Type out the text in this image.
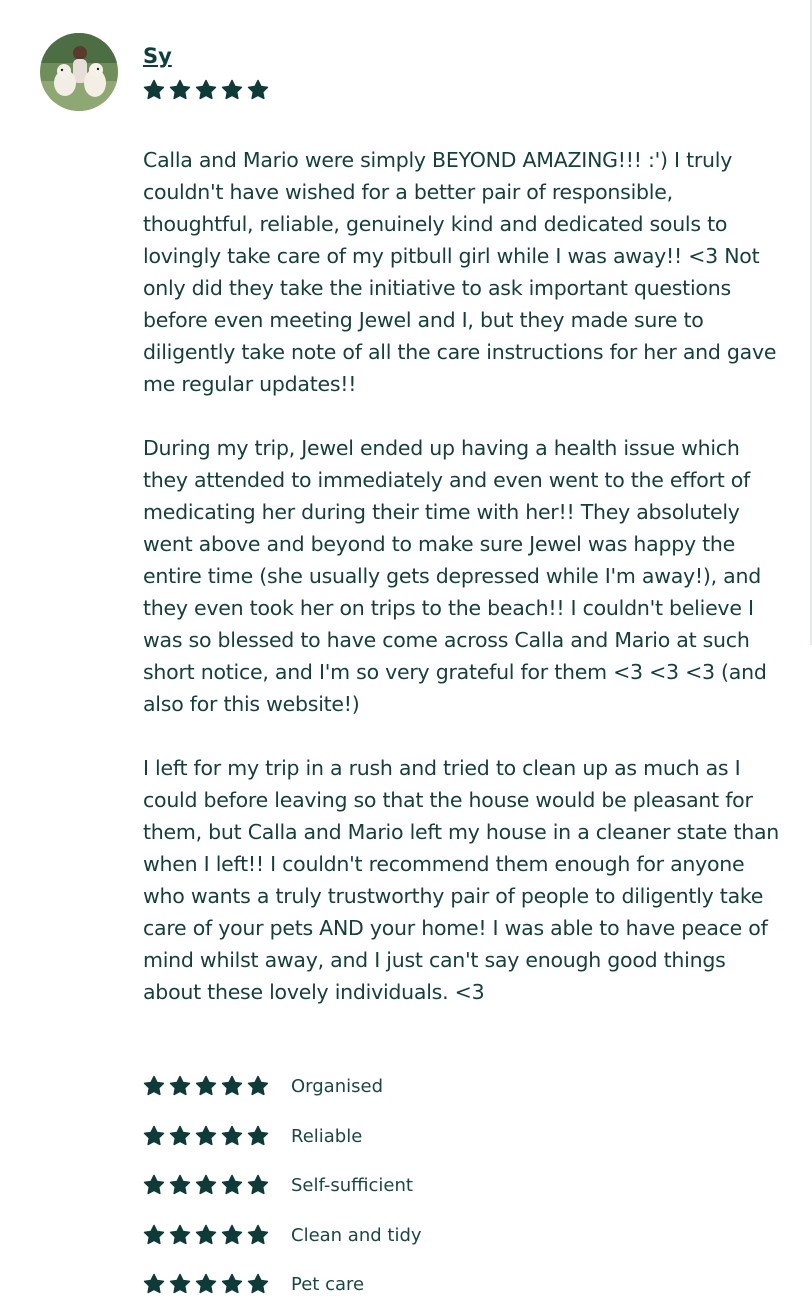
Sy

Calla and Mario were simply BEYOND AMAZING!!! :') I truly couldn't have wished for a better pair of responsible, thoughtful, reliable, genuinely kind and dedicated souls to lovingly take care of my pitbull girl while I was away!! <3 Not only did they take the initiative to ask important questions before even meeting Jewel and I, but they made sure to diligently take note of all the care instructions for her and gave me regular updates!!

During my trip, Jewel ended up having a health issue which they attended to immediately and even went to the effort of medicating her during their time with her!! They absolutely went above and beyond to make sure Jewel was happy the entire time (she usually gets depressed while I'm away!), and they even took her on trips to the beach!! I couldn't believe I was so blessed to have come across Calla and Mario at such short notice, and I'm so very grateful for them <3 <3 <3 (and also for this website!)

I left for my trip in a rush and tried to clean up as much as I could before leaving so that the house would be pleasant for them, but Calla and Mario left my house in a cleaner state than when I left!! I couldn't recommend them enough for anyone who wants a truly trustworthy pair of people to diligently take care of your pets AND your home! I was able to have peace of mind whilst away, and I just can't say enough good things about these lovely individuals. <3

Organised
Reliable
Self-sufficient
Clean and tidy
Pet care
